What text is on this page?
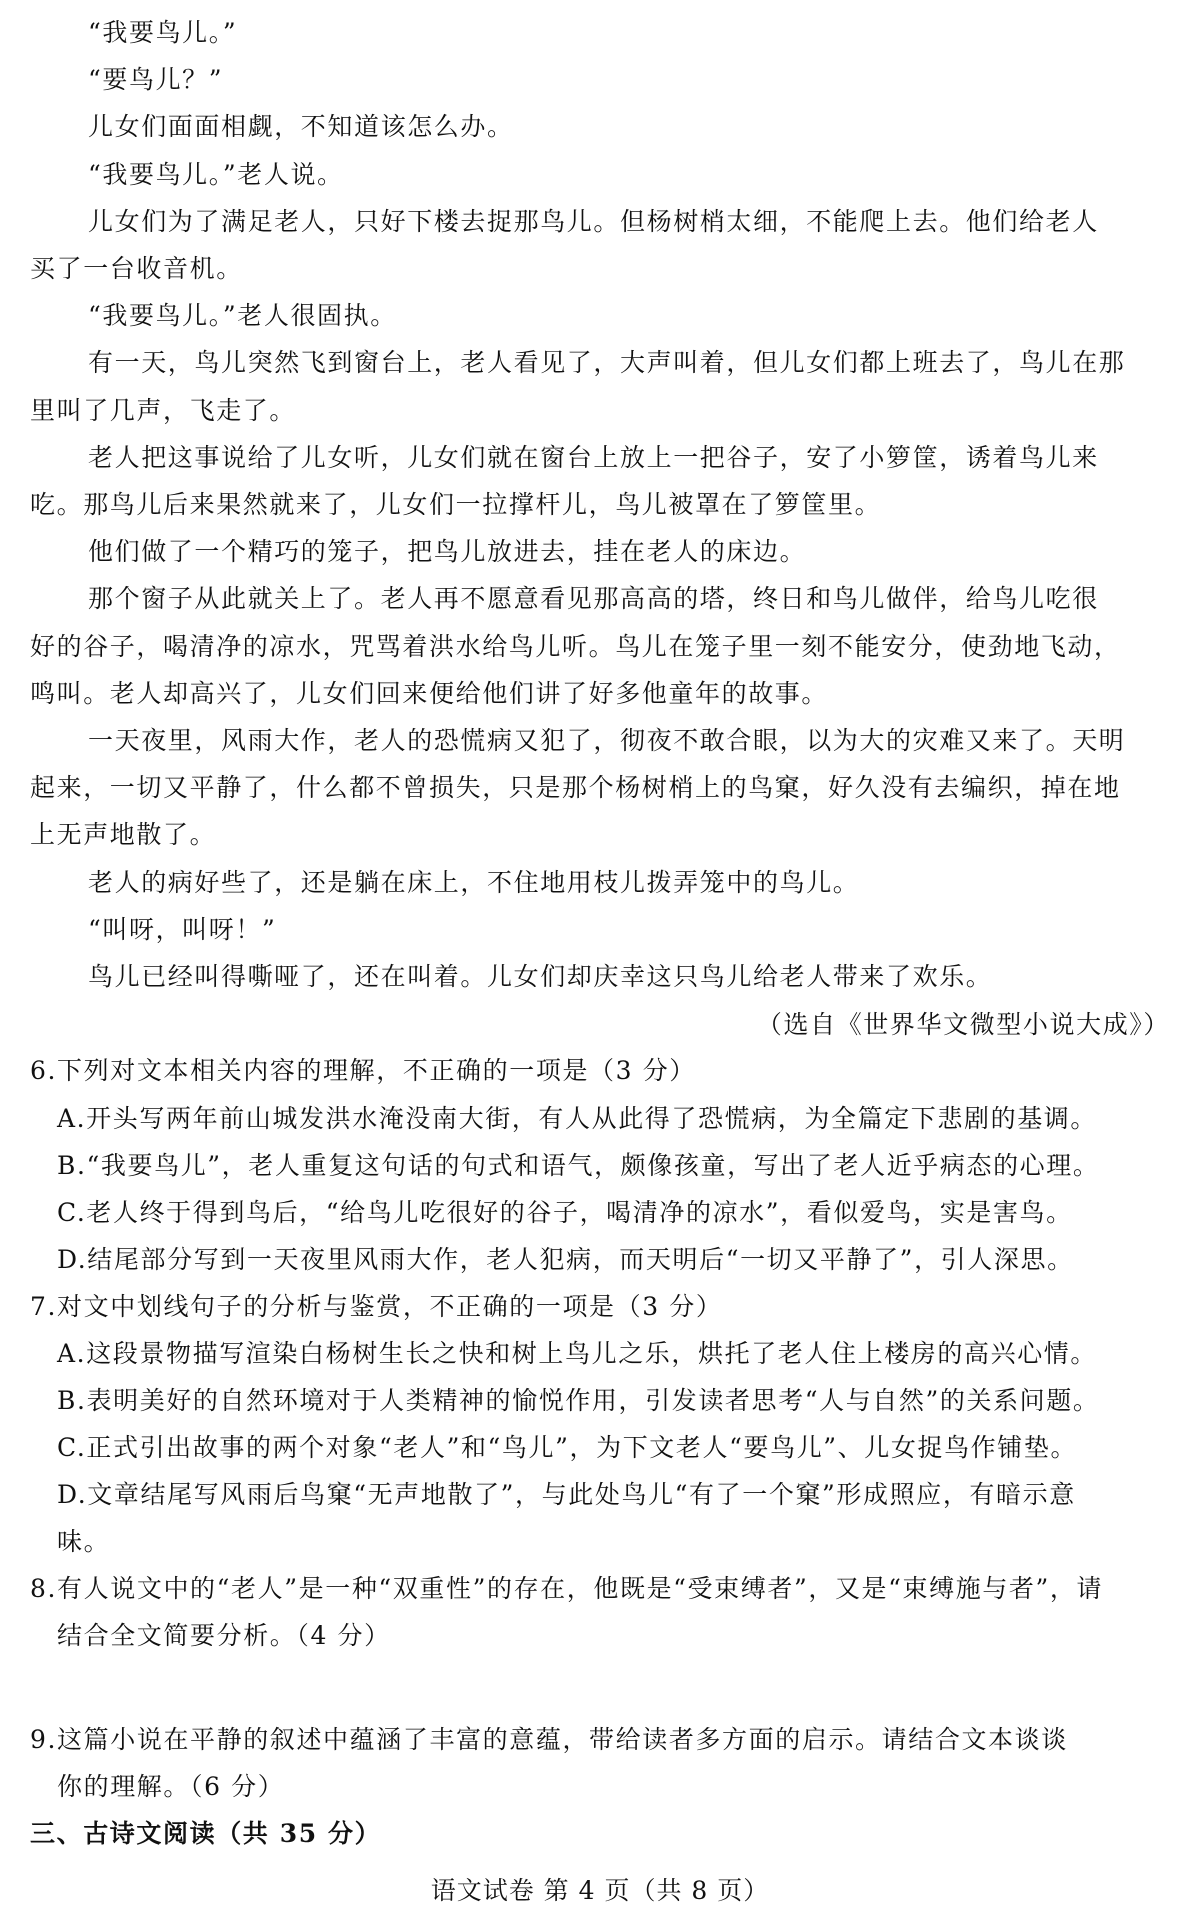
“我要鸟儿。”
“要鸟儿？”
儿女们面面相觑，不知道该怎么办。
“我要鸟儿。”老人说。
儿女们为了满足老人，只好下楼去捉那鸟儿。但杨树梢太细，不能爬上去。他们给老人
买了一台收音机。
“我要鸟儿。”老人很固执。
有一天，鸟儿突然飞到窗台上，老人看见了，大声叫着，但儿女们都上班去了，鸟儿在那
里叫了几声，飞走了。
老人把这事说给了儿女听，儿女们就在窗台上放上一把谷子，安了小箩筐，诱着鸟儿来
吃。那鸟儿后来果然就来了，儿女们一拉撑杆儿，鸟儿被罩在了箩筐里。
他们做了一个精巧的笼子，把鸟儿放进去，挂在老人的床边。
那个窗子从此就关上了。老人再不愿意看见那高高的塔，终日和鸟儿做伴，给鸟儿吃很
好的谷子，喝清净的凉水，咒骂着洪水给鸟儿听。鸟儿在笼子里一刻不能安分，使劲地飞动，
鸣叫。老人却高兴了，儿女们回来便给他们讲了好多他童年的故事。
一天夜里，风雨大作，老人的恐慌病又犯了，彻夜不敢合眼，以为大的灾难又来了。天明
起来，一切又平静了，什么都不曾损失，只是那个杨树梢上的鸟窠，好久没有去编织，掉在地
上无声地散了。
老人的病好些了，还是躺在床上，不住地用枝儿拨弄笼中的鸟儿。
“叫呀，叫呀！”
鸟儿已经叫得嘶哑了，还在叫着。儿女们却庆幸这只鸟儿给老人带来了欢乐。
（选自《世界华文微型小说大成》）
6.下列对文本相关内容的理解，不正确的一项是（3 分）
A.开头写两年前山城发洪水淹没南大街，有人从此得了恐慌病，为全篇定下悲剧的基调。
B.“我要鸟儿”，老人重复这句话的句式和语气，颇像孩童，写出了老人近乎病态的心理。
C.老人终于得到鸟后，“给鸟儿吃很好的谷子，喝清净的凉水”，看似爱鸟，实是害鸟。
D.结尾部分写到一天夜里风雨大作，老人犯病，而天明后“一切又平静了”，引人深思。
7.对文中划线句子的分析与鉴赏，不正确的一项是（3 分）
A.这段景物描写渲染白杨树生长之快和树上鸟儿之乐，烘托了老人住上楼房的高兴心情。
B.表明美好的自然环境对于人类精神的愉悦作用，引发读者思考“人与自然”的关系问题。
C.正式引出故事的两个对象“老人”和“鸟儿”，为下文老人“要鸟儿”、儿女捉鸟作铺垫。
D.文章结尾写风雨后鸟窠“无声地散了”，与此处鸟儿“有了一个窠”形成照应，有暗示意
味。
8.有人说文中的“老人”是一种“双重性”的存在，他既是“受束缚者”，又是“束缚施与者”，请
结合全文简要分析。（4 分）
9.这篇小说在平静的叙述中蕴涵了丰富的意蕴，带给读者多方面的启示。请结合文本谈谈
你的理解。（6 分）
三、古诗文阅读（共 35 分）
语文试卷 第 4 页（共 8 页）
